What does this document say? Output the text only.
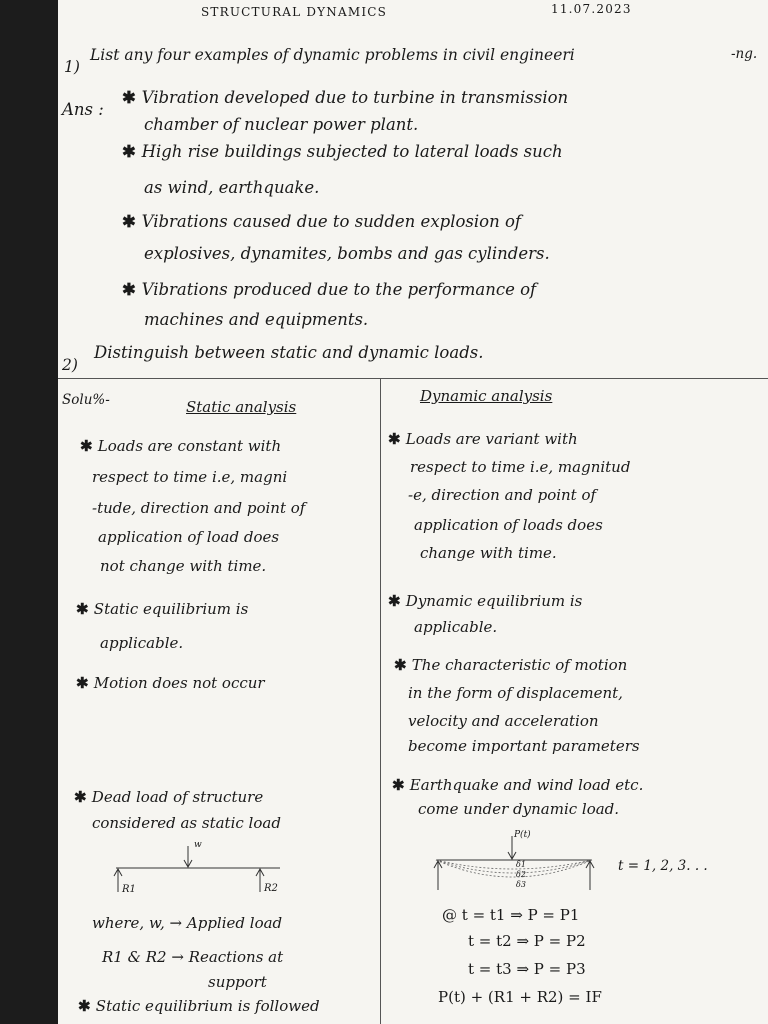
STRUCTURAL DYNAMICS	11.07.2023
1)
List any four examples of dynamic problems in civil engineeri	-ng.
Ans :
✱ Vibration developed due to turbine in transmission
chamber of nuclear power plant.
✱ High rise buildings subjected to lateral loads such
as wind, earthquake.
✱ Vibrations caused due to sudden explosion of
explosives, dynamites, bombs and gas cylinders.
✱ Vibrations produced due to the performance of
machines and equipments.
2)
Distinguish between static and dynamic loads.
Solu%-	Static analysis
Dynamic analysis
✱ Loads are constant with
respect to time i.e, magni
-tude, direction and point of
application of load does
not change with time.
✱ Static equilibrium is
applicable.
✱ Motion does not occur
✱ Dead load of structure
considered as static load
w
R1	R2
where, w, → Applied load
R1 & R2 → Reactions at
support
✱ Static equilibrium is followed
✱ Loads are variant with
respect to time i.e, magnitud
-e, direction and point of
application of loads does
change with time.
✱ Dynamic equilibrium is
applicable.
✱ The characteristic of motion
in the form of displacement,
velocity and acceleration
become important parameters
✱ Earthquake and wind load etc.
come under dynamic load.
P(t)
δ1
δ2
δ3
t = 1, 2, 3. . .
@ t = t1 ⇒ P = P1
t = t2 ⇒ P = P2
t = t3 ⇒ P = P3
P(t) + (R1 + R2) = IF
